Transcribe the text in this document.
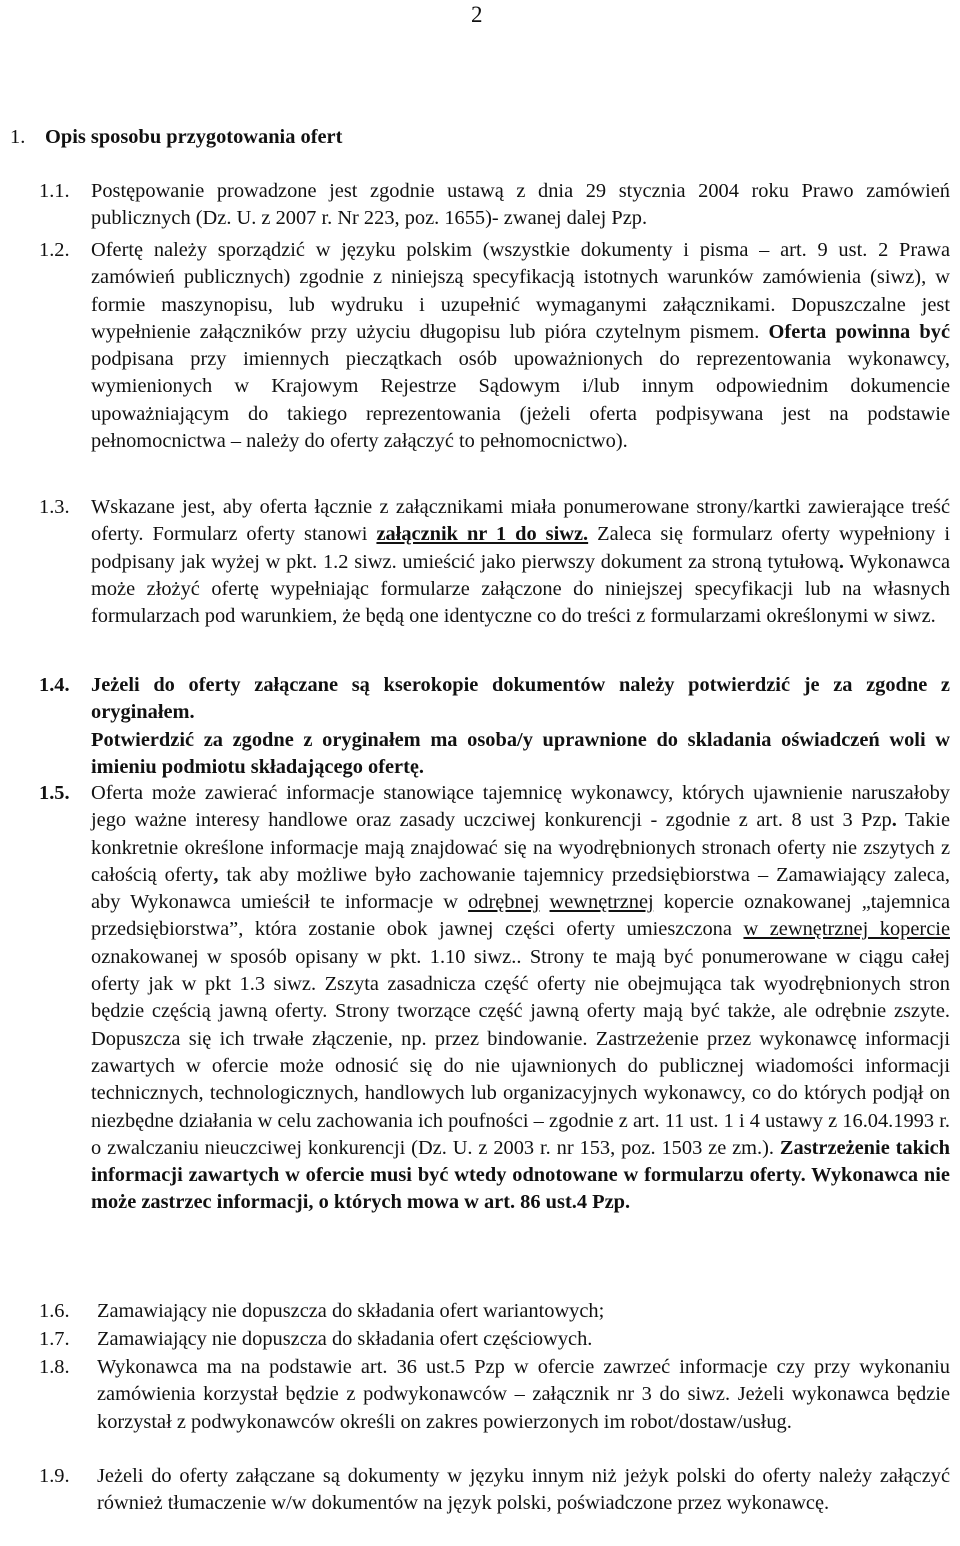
2
1. Opis sposobu przygotowania ofert
1.1. Postępowanie prowadzone jest zgodnie ustawą z dnia 29 stycznia 2004 roku Prawo zamówień publicznych (Dz. U. z 2007 r. Nr 223, poz. 1655)- zwanej dalej Pzp.
1.2. Ofertę należy sporządzić w języku polskim (wszystkie dokumenty i pisma – art. 9 ust. 2 Prawa zamówień publicznych) zgodnie z niniejszą specyfikacją istotnych warunków zamówienia (siwz), w formie maszynopisu, lub wydruku i uzupełnić wymaganymi załącznikami. Dopuszczalne jest wypełnienie załączników przy użyciu długopisu lub pióra czytelnym pismem. Oferta powinna być podpisana przy imiennych pieczątkach osób upoważnionych do reprezentowania wykonawcy, wymienionych w Krajowym Rejestrze Sądowym i/lub innym odpowiednim dokumencie upoważniającym do takiego reprezentowania (jeżeli oferta podpisywana jest na podstawie pełnomocnictwa – należy do oferty załączyć to pełnomocnictwo).
1.3. Wskazane jest, aby oferta łącznie z załącznikami miała ponumerowane strony/kartki zawierające treść oferty. Formularz oferty stanowi załącznik nr 1 do siwz. Zaleca się formularz oferty wypełniony i podpisany jak wyżej w pkt. 1.2 siwz. umieścić jako pierwszy dokument za stroną tytułową. Wykonawca może złożyć ofertę wypełniając formularze załączone do niniejszej specyfikacji lub na własnych formularzach pod warunkiem, że będą one identyczne co do treści z formularzami określonymi w siwz.
1.4. Jeżeli do oferty załączane są kserokopie dokumentów należy potwierdzić je za zgodne z oryginałem.
Potwierdzić za zgodne z oryginałem ma osoba/y uprawnione do skladania oświadczeń woli w imieniu podmiotu składającego ofertę.
1.5. Oferta może zawierać informacje stanowiące tajemnicę wykonawcy, których ujawnienie naruszałoby jego ważne interesy handlowe oraz zasady uczciwej konkurencji - zgodnie z art. 8 ust 3 Pzp. Takie konkretnie określone informacje mają znajdować się na wyodrębnionych stronach oferty nie zszytych z całością oferty, tak aby możliwe było zachowanie tajemnicy przedsiębiorstwa – Zamawiający zaleca, aby Wykonawca umieścił te informacje w odrębnej wewnętrznej kopercie oznakowanej „tajemnica przedsiębiorstwa”, która zostanie obok jawnej części oferty umieszczona w zewnętrznej kopercie oznakowanej w sposób opisany w pkt. 1.10 siwz.. Strony te mają być ponumerowane w ciągu całej oferty jak w pkt 1.3 siwz. Zszyta zasadnicza część oferty nie obejmująca tak wyodrębnionych stron będzie częścią jawną oferty. Strony tworzące część jawną oferty mają być także, ale odrębnie zszyte. Dopuszcza się ich trwałe złączenie, np. przez bindowanie. Zastrzeżenie przez wykonawcę informacji zawartych w ofercie może odnosić się do nie ujawnionych do publicznej wiadomości informacji technicznych, technologicznych, handlowych lub organizacyjnych wykonawcy, co do których podjął on niezbędne działania w celu zachowania ich poufności – zgodnie z art. 11 ust. 1 i 4 ustawy z 16.04.1993 r. o zwalczaniu nieuczciwej konkurencji (Dz. U. z 2003 r. nr 153, poz. 1503 ze zm.). Zastrzeżenie takich informacji zawartych w ofercie musi być wtedy odnotowane w formularzu oferty. Wykonawca nie może zastrzec informacji, o których mowa w art. 86 ust.4 Pzp.
1.6. Zamawiający nie dopuszcza do składania ofert wariantowych;
1.7. Zamawiający nie dopuszcza do składania ofert częściowych.
1.8. Wykonawca ma na podstawie art. 36 ust.5 Pzp w ofercie zawrzeć informacje czy przy wykonaniu zamówienia korzystał będzie z podwykonawców – załącznik nr 3 do siwz. Jeżeli wykonawca będzie korzystał z podwykonawców określi on zakres powierzonych im robot/dostaw/usług.
1.9. Jeżeli do oferty załączane są dokumenty w języku innym niż jeżyk polski do oferty należy załączyć również tłumaczenie w/w dokumentów na język polski, poświadczone przez wykonawcę.
